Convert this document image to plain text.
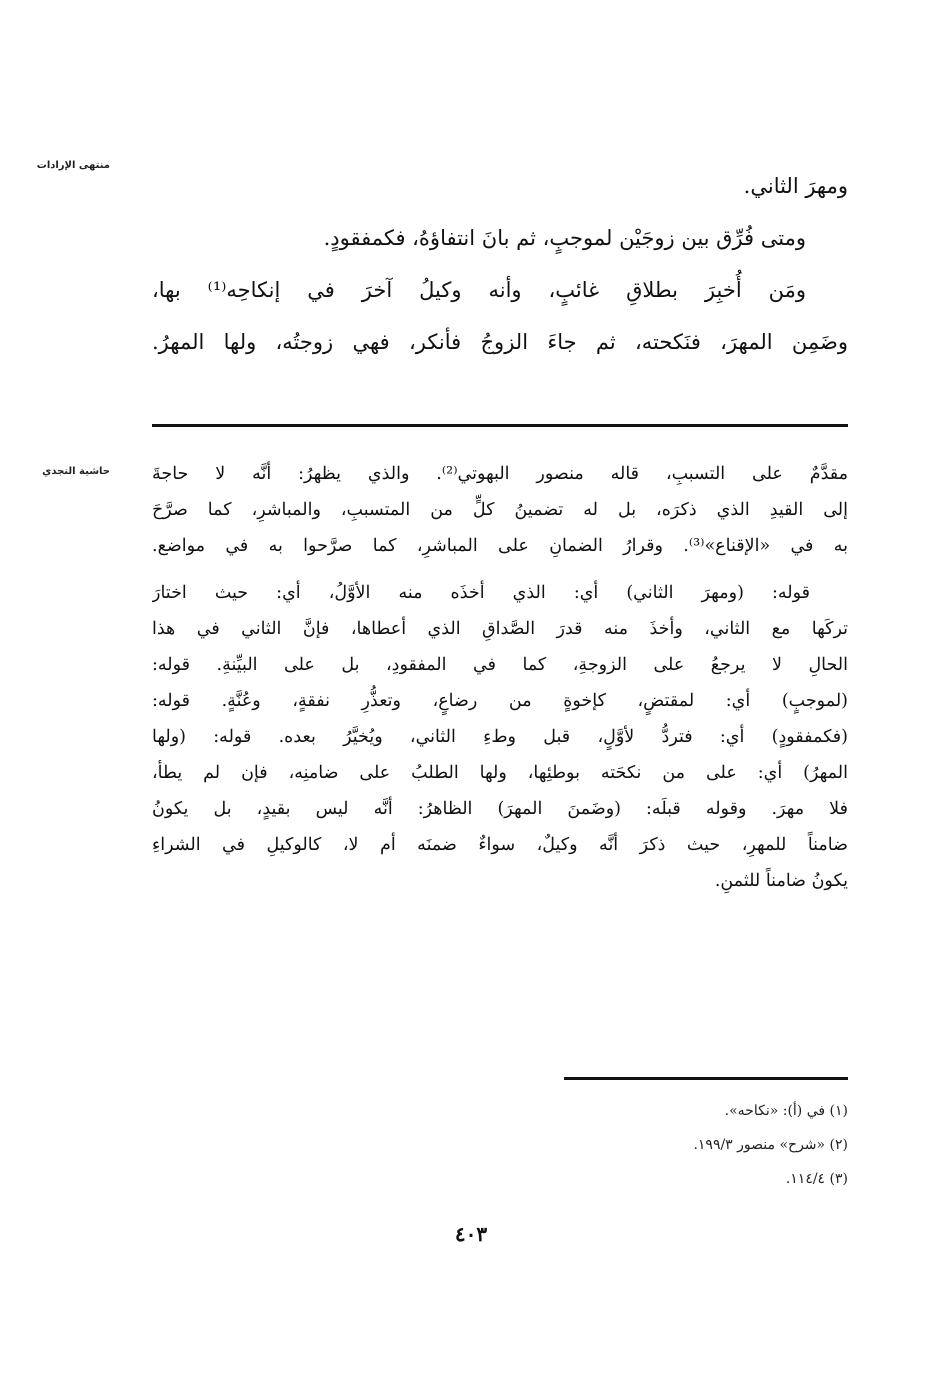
منتهى الإرادات
ومهرَ الثاني.
ومتى فُرِّق بين زوجَيْن لموجبٍ، ثم بانَ انتفاؤهُ، فكمفقودٍ.
ومَن أُخبِرَ بطلاقِ غائبٍ، وأنه وكيلُ آخرَ في إنكاحِه⁽¹⁾ بها،
وضَمِن المهرَ، فنَكحته، ثم جاءَ الزوجُ فأنكر، فهي زوجتُه، ولها المهرُ.
حاشية النجدي مقدَّمٌ على التسببِ، قاله منصور البهوتي⁽²⁾. والذي يظهرُ: أنَّه لا حاجةَ
إلى القيدِ الذي ذكرَه، بل له تضمينُ كلٍّ من المتسببِ، والمباشرِ، كما صرَّحَ
به في «الإقناع»⁽³⁾. وقرارُ الضمانِ على المباشرِ، كما صرَّحوا به في مواضع.
قوله: (ومهرَ الثاني) أي: الذي أخذَه منه الأوَّلُ، أي: حيث اختارَ
تركَها مع الثاني، وأخذَ منه قدرَ الصَّداقِ الذي أعطاها، فإنَّ الثاني في هذا
الحالِ لا يرجعُ على الزوجةِ، كما في المفقودِ، بل على البيِّنةِ. قوله:
(لموجبٍ) أي: لمقتضٍ، كإخوةٍ من رضاعٍ، وتعذُّرِ نفقةٍ، وعُنَّةٍ. قوله:
(فكمفقودٍ) أي: فتردُّ لأوَّلٍ، قبل وطءِ الثاني، ويُخيَّرُ بعده. قوله: (ولها
المهرُ) أي: على من نكحَته بوطئِها، ولها الطلبُ على ضامنِه، فإن لم يطأ،
فلا مهرَ. وقوله قبلَه: (وضَمنَ المهرَ) الظاهرُ: أنَّه ليس بقيدٍ، بل يكونُ
ضامناً للمهرِ، حيث ذكرَ أنَّه وكيلٌ، سواءٌ ضمنَه أم لا، كالوكيلِ في الشراءِ
يكونُ ضامناً للثمنِ.
(١) في (أ): «نكاحه».
(٢) «شرح» منصور ١٩٩/٣.
(٣) ١١٤/٤.
٤٠٣
